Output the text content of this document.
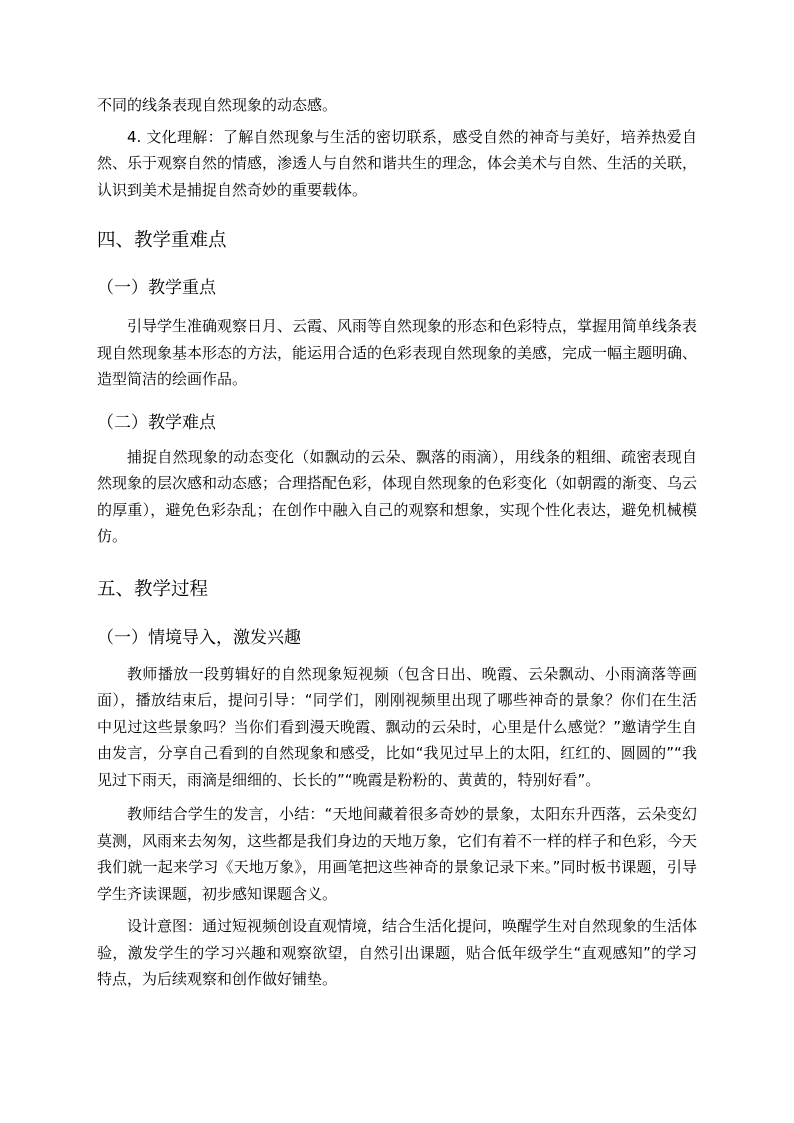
不同的线条表现自然现象的动态感。

4. 文化理解：了解自然现象与生活的密切联系，感受自然的神奇与美好，培养热爱自然、乐于观察自然的情感，渗透人与自然和谐共生的理念，体会美术与自然、生活的关联，认识到美术是捕捉自然奇妙的重要载体。

四、教学重难点
（一）教学重点

引导学生准确观察日月、云霞、风雨等自然现象的形态和色彩特点，掌握用简单线条表现自然现象基本形态的方法，能运用合适的色彩表现自然现象的美感，完成一幅主题明确、造型简洁的绘画作品。

（二）教学难点

捕捉自然现象的动态变化（如飘动的云朵、飘落的雨滴），用线条的粗细、疏密表现自然现象的层次感和动态感；合理搭配色彩，体现自然现象的色彩变化（如朝霞的渐变、乌云的厚重），避免色彩杂乱；在创作中融入自己的观察和想象，实现个性化表达，避免机械模仿。

五、教学过程
（一）情境导入，激发兴趣

教师播放一段剪辑好的自然现象短视频（包含日出、晚霞、云朵飘动、小雨滴落等画面），播放结束后，提问引导：“同学们，刚刚视频里出现了哪些神奇的景象？你们在生活中见过这些景象吗？当你们看到漫天晚霞、飘动的云朵时，心里是什么感觉？”邀请学生自由发言，分享自己看到的自然现象和感受，比如“我见过早上的太阳，红红的、圆圆的”“我见过下雨天，雨滴是细细的、长长的”“晚霞是粉粉的、黄黄的，特别好看”。

教师结合学生的发言，小结：“天地间藏着很多奇妙的景象，太阳东升西落，云朵变幻莫测，风雨来去匆匆，这些都是我们身边的天地万象，它们有着不一样的样子和色彩，今天我们就一起来学习《天地万象》，用画笔把这些神奇的景象记录下来。”同时板书课题，引导学生齐读课题，初步感知课题含义。

设计意图：通过短视频创设直观情境，结合生活化提问，唤醒学生对自然现象的生活体验，激发学生的学习兴趣和观察欲望，自然引出课题，贴合低年级学生“直观感知”的学习特点，为后续观察和创作做好铺垫。
